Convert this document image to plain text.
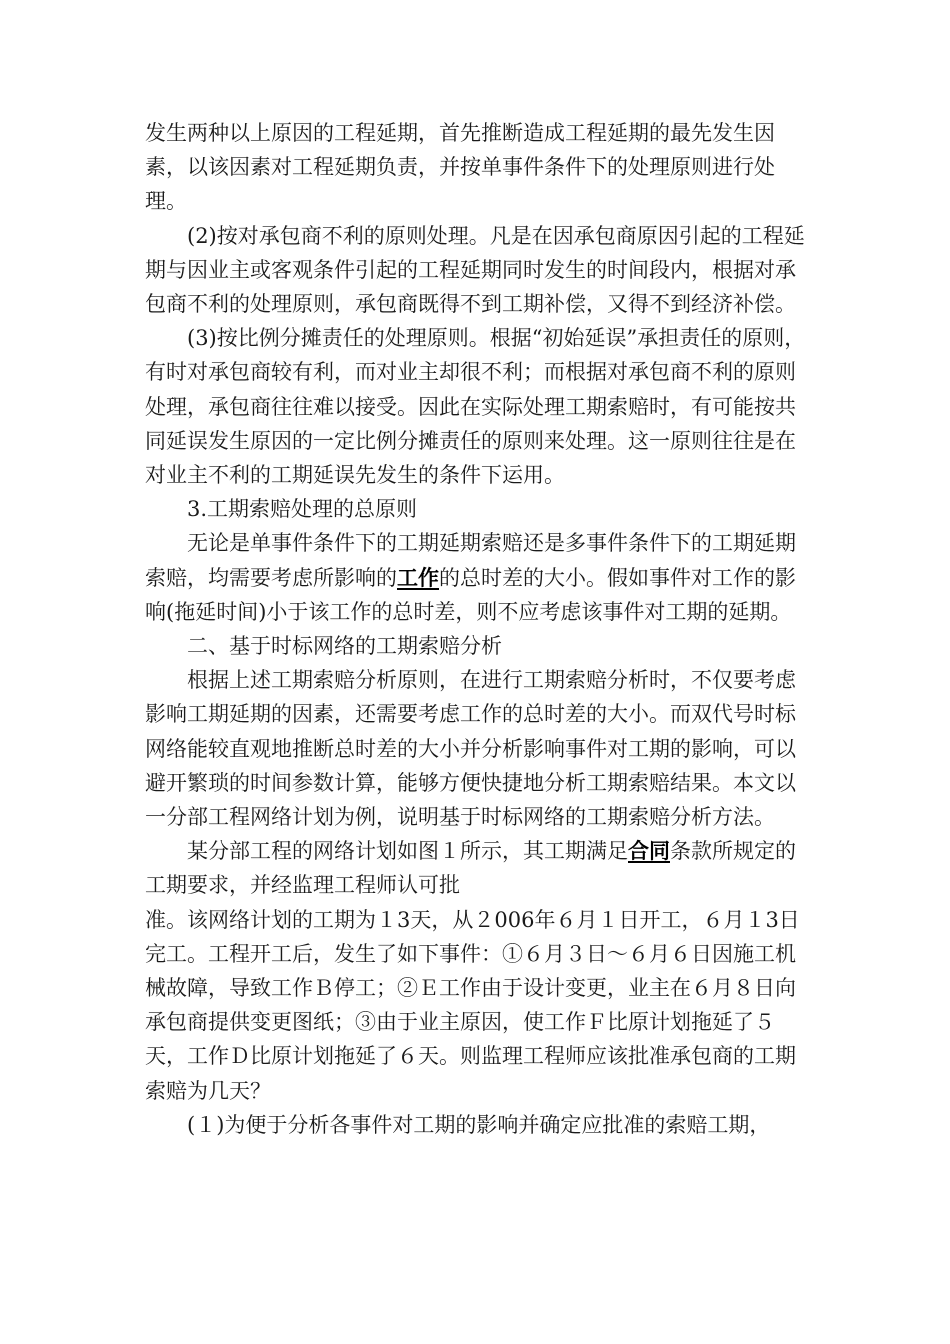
发生两种以上原因的工程延期，首先推断造成工程延期的最先发生因素，以该因素对工程延期负责，并按单事件条件下的处理原则进行处理。

(2)按对承包商不利的原则处理。凡是在因承包商原因引起的工程延期与因业主或客观条件引起的工程延期同时发生的时间段内，根据对承包商不利的处理原则，承包商既得不到工期补偿，又得不到经济补偿。

(3)按比例分摊责任的处理原则。根据“初始延误”承担责任的原则，有时对承包商较有利，而对业主却很不利；而根据对承包商不利的原则处理，承包商往往难以接受。因此在实际处理工期索赔时，有可能按共同延误发生原因的一定比例分摊责任的原则来处理。这一原则往往是在对业主不利的工期延误先发生的条件下运用。

3.工期索赔处理的总原则

无论是单事件条件下的工期延期索赔还是多事件条件下的工期延期索赔，均需要考虑所影响的工作的总时差的大小。假如事件对工作的影响(拖延时间)小于该工作的总时差，则不应考虑该事件对工期的延期。

二、基于时标网络的工期索赔分析

根据上述工期索赔分析原则，在进行工期索赔分析时，不仅要考虑影响工期延期的因素，还需要考虑工作的总时差的大小。而双代号时标网络能较直观地推断总时差的大小并分析影响事件对工期的影响，可以避开繁琐的时间参数计算，能够方便快捷地分析工期索赔结果。本文以一分部工程网络计划为例，说明基于时标网络的工期索赔分析方法。

某分部工程的网络计划如图１所示，其工期满足合同条款所规定的工期要求，并经监理工程师认可批

准。该网络计划的工期为１3天，从２006年６月１日开工，６月１3日完工。工程开工后，发生了如下事件：①６月３日～６月６日因施工机械故障，导致工作Ｂ停工；②Ｅ工作由于设计变更，业主在６月８日向承包商提供变更图纸；③由于业主原因，使工作Ｆ比原计划拖延了５天，工作Ｄ比原计划拖延了６天。则监理工程师应该批准承包商的工期索赔为几天？

(１)为便于分析各事件对工期的影响并确定应批准的索赔工期，
